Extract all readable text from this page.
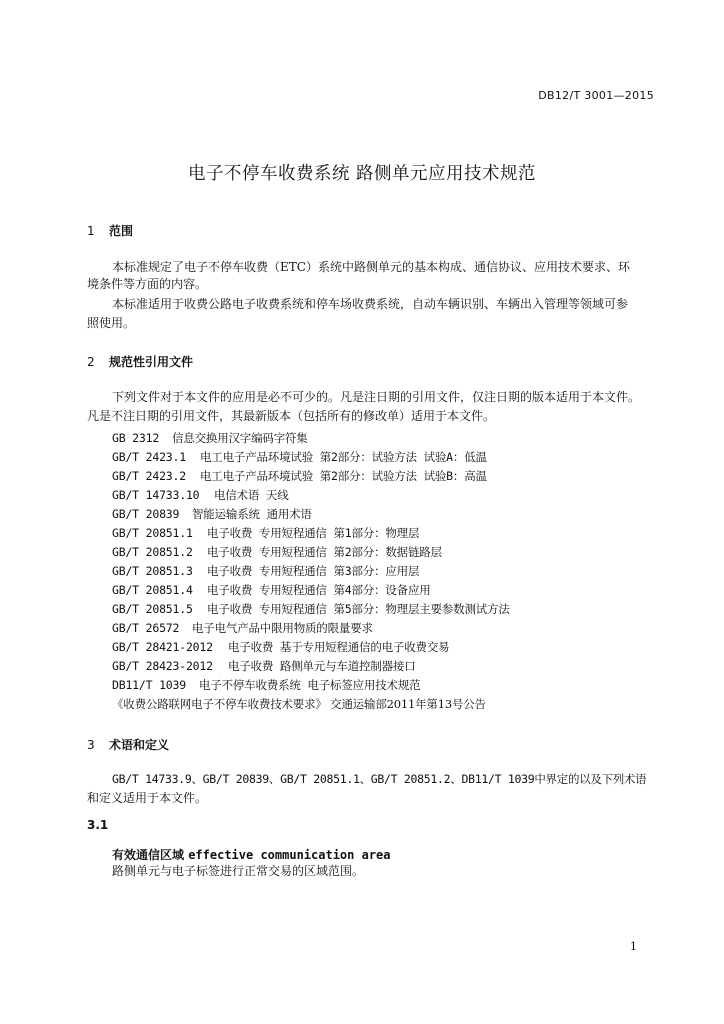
DB12/T 3001—2015
电子不停车收费系统 路侧单元应用技术规范
1 范围
本标准规定了电子不停车收费（ETC）系统中路侧单元的基本构成、通信协议、应用技术要求、环
境条件等方面的内容。
本标准适用于收费公路电子收费系统和停车场收费系统，自动车辆识别、车辆出入管理等领域可参
照使用。
2 规范性引用文件
下列文件对于本文件的应用是必不可少的。凡是注日期的引用文件，仅注日期的版本适用于本文件。
凡是不注日期的引用文件，其最新版本（包括所有的修改单）适用于本文件。
GB 2312 信息交换用汉字编码字符集
GB/T 2423.1 电工电子产品环境试验 第2部分：试验方法 试验A：低温
GB/T 2423.2 电工电子产品环境试验 第2部分：试验方法 试验B：高温
GB/T 14733.10 电信术语 天线
GB/T 20839 智能运输系统 通用术语
GB/T 20851.1 电子收费 专用短程通信 第1部分：物理层
GB/T 20851.2 电子收费 专用短程通信 第2部分：数据链路层
GB/T 20851.3 电子收费 专用短程通信 第3部分：应用层
GB/T 20851.4 电子收费 专用短程通信 第4部分：设备应用
GB/T 20851.5 电子收费 专用短程通信 第5部分：物理层主要参数测试方法
GB/T 26572 电子电气产品中限用物质的限量要求
GB/T 28421-2012 电子收费 基于专用短程通信的电子收费交易
GB/T 28423-2012 电子收费 路侧单元与车道控制器接口
DB11/T 1039 电子不停车收费系统 电子标签应用技术规范
《收费公路联网电子不停车收费技术要求》 交通运输部2011年第13号公告
3 术语和定义
GB/T 14733.9、GB/T 20839、GB/T 20851.1、GB/T 20851.2、DB11/T 1039中界定的以及下列术语
和定义适用于本文件。
3.1
有效通信区域 effective communication area
路侧单元与电子标签进行正常交易的区域范围。
1
